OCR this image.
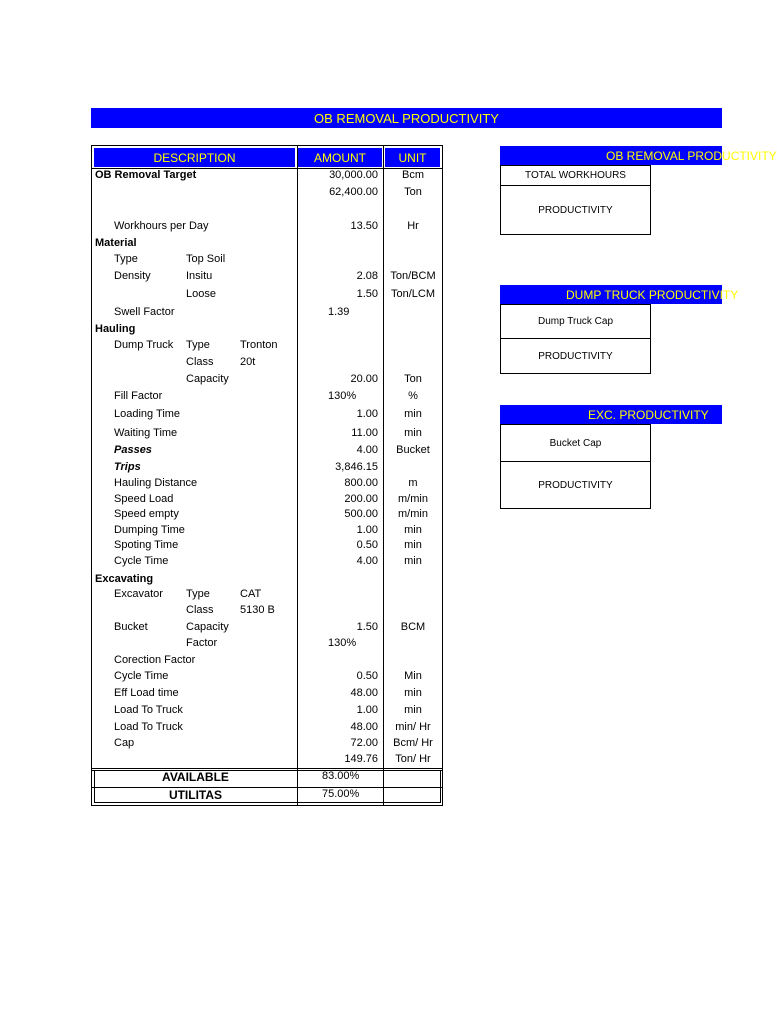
OB REMOVAL PRODUCTIVITY
DESCRIPTION	AMOUNT	UNIT
OB Removal Target	30,000.00	Bcm
62,400.00	Ton
Workhours per Day	13.50	Hr
Material
Type	Top Soil
Density	Insitu	2.08	Ton/BCM
Loose	1.50	Ton/LCM
Swell Factor	1.39
Hauling
Dump Truck Type	Tronton
Class 20t
Capacity	20.00	Ton
Fill Factor	130%	%
Loading Time	1.00	min
Waiting Time	11.00	min
Passes	4.00	Bucket
Trips	3,846.15
Hauling Distance	800.00	m
Speed Load	200.00	m/min
Speed empty	500.00	m/min
Dumping Time	1.00	min
Spoting Time	0.50	min
Cycle Time	4.00	min
Excavating
Excavator Type	CAT
Class 5130 B
Bucket	Capacity	1.50	BCM
Factor	130%
Corection Factor
Cycle Time	0.50	Min
Eff Load time	48.00	min
Load To Truck	1.00	min
Load To Truck	48.00	min/ Hr
Cap	72.00	Bcm/ Hr
149.76	Ton/ Hr
AVAILABLE	83.00%
UTILITAS	75.00%
OB REMOVAL PRODUCTIVITY
TOTAL WORKHOURS
PRODUCTIVITY
DUMP TRUCK PRODUCTIVITY
Dump Truck Cap
PRODUCTIVITY
EXC. PRODUCTIVITY
Bucket Cap
PRODUCTIVITY
